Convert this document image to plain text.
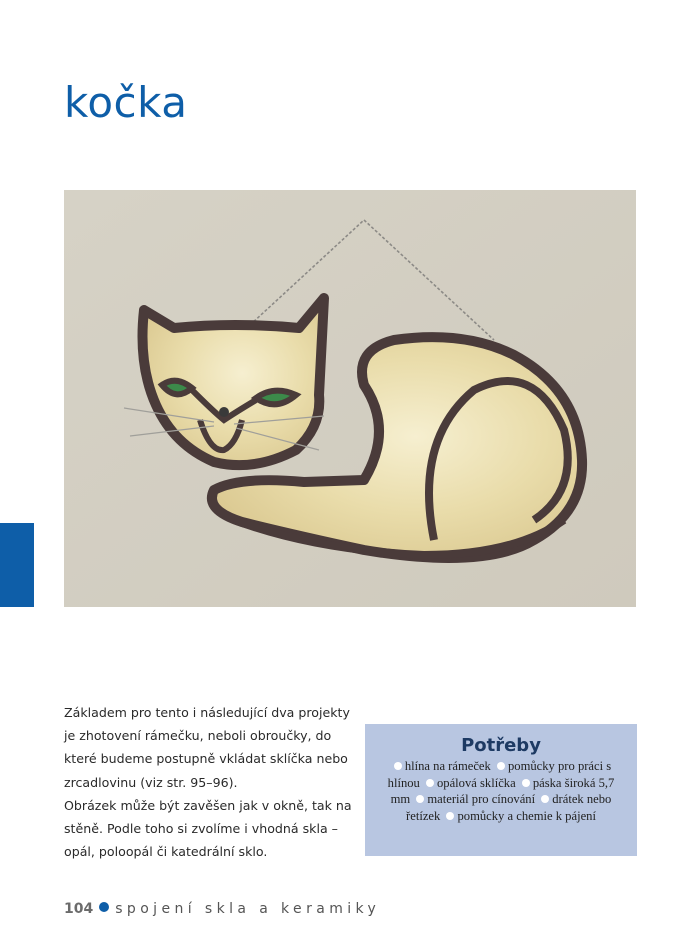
kočka
Základem pro tento i následující dva projekty
je zhotovení rámečku, neboli obroučky, do
které budeme postupně vkládat sklíčka nebo
zrcadlovinu (viz str. 95–96).
Obrázek může být zavěšen jak v okně, tak na
stěně. Podle toho si zvolíme i vhodná skla –
opál, poloopál či katedrální sklo.
Potřeby
hlína na rámeček pomůcky pro práci s hlínou opálová sklíčka páska široká 5,7 mm materiál pro cínování drátek nebo řetízek pomůcky a chemie k pájení
104 spojení skla a keramiky
